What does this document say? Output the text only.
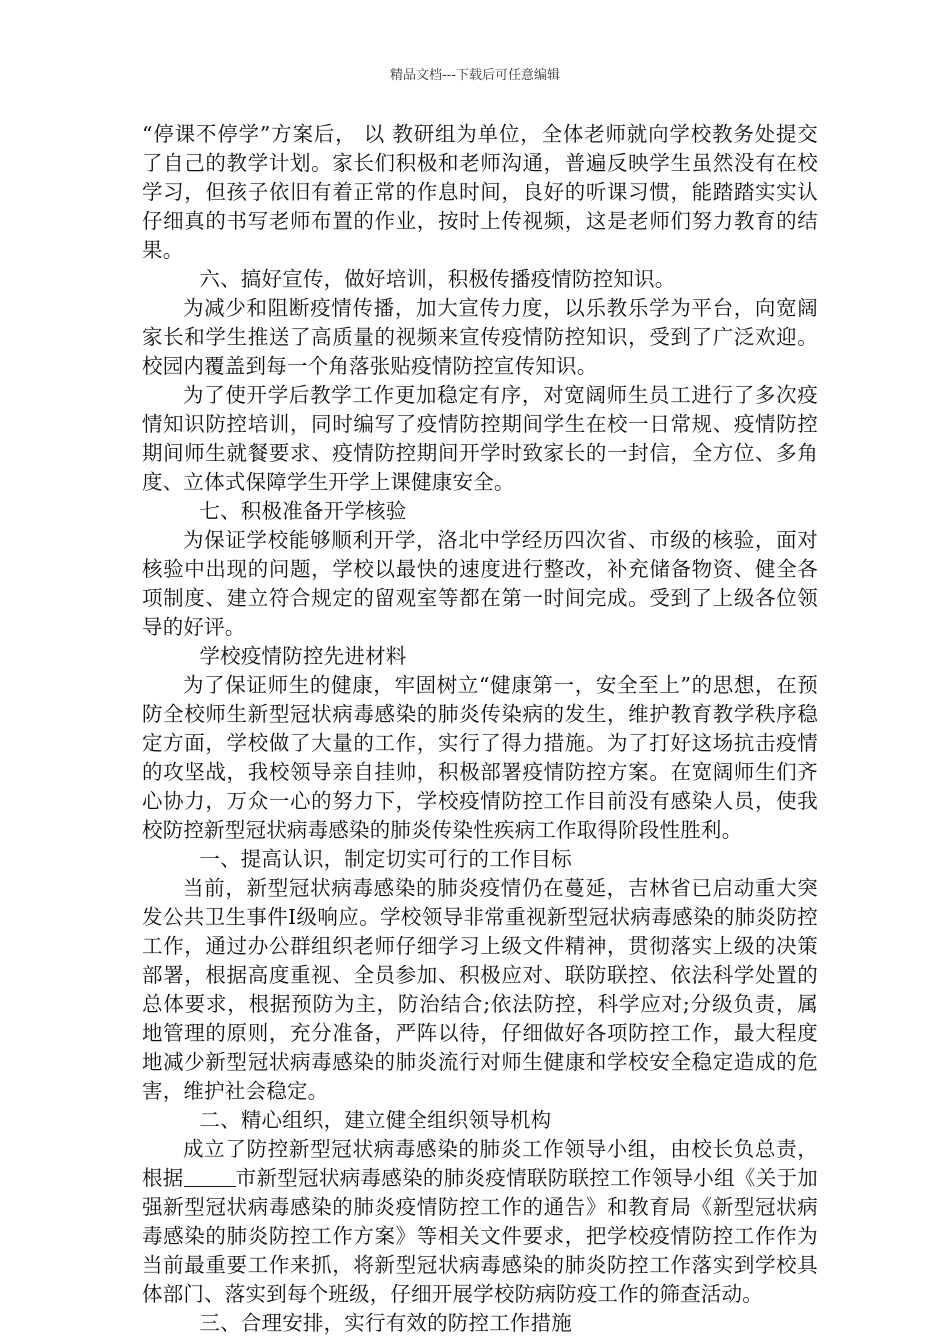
精品文档---下载后可任意编辑

“停课不停学”方案后， 以 教研组为单位，全体老师就向学校教务处提交了自己的教学计划。家长们积极和老师沟通，普遍反映学生虽然没有在校学习，但孩子依旧有着正常的作息时间，良好的听课习惯，能踏踏实实认仔细真的书写老师布置的作业，按时上传视频，这是老师们努力教育的结果。

六、搞好宣传，做好培训，积极传播疫情防控知识。

为减少和阻断疫情传播，加大宣传力度，以乐教乐学为平台，向宽阔家长和学生推送了高质量的视频来宣传疫情防控知识，受到了广泛欢迎。校园内覆盖到每一个角落张贴疫情防控宣传知识。

为了使开学后教学工作更加稳定有序，对宽阔师生员工进行了多次疫情知识防控培训，同时编写了疫情防控期间学生在校一日常规、疫情防控期间师生就餐要求、疫情防控期间开学时致家长的一封信，全方位、多角度、立体式保障学生开学上课健康安全。

七、积极准备开学核验

为保证学校能够顺利开学，洛北中学经历四次省、市级的核验，面对核验中出现的问题，学校以最快的速度进行整改，补充储备物资、健全各项制度、建立符合规定的留观室等都在第一时间完成。受到了上级各位领导的好评。

学校疫情防控先进材料

为了保证师生的健康，牢固树立“健康第一，安全至上”的思想，在预防全校师生新型冠状病毒感染的肺炎传染病的发生，维护教育教学秩序稳定方面，学校做了大量的工作，实行了得力措施。为了打好这场抗击疫情的攻坚战，我校领导亲自挂帅，积极部署疫情防控方案。在宽阔师生们齐心协力，万众一心的努力下，学校疫情防控工作目前没有感染人员，使我校防控新型冠状病毒感染的肺炎传染性疾病工作取得阶段性胜利。

一、提高认识，制定切实可行的工作目标

当前，新型冠状病毒感染的肺炎疫情仍在蔓延，吉林省已启动重大突发公共卫生事件Ⅰ级响应。学校领导非常重视新型冠状病毒感染的肺炎防控工作，通过办公群组织老师仔细学习上级文件精神，贯彻落实上级的决策部署，根据高度重视、全员参加、积极应对、联防联控、依法科学处置的总体要求，根据预防为主，防治结合;依法防控，科学应对;分级负责，属地管理的原则，充分准备，严阵以待，仔细做好各项防控工作，最大程度地减少新型冠状病毒感染的肺炎流行对师生健康和学校安全稳定造成的危害，维护社会稳定。

二、精心组织，建立健全组织领导机构

成立了防控新型冠状病毒感染的肺炎工作领导小组，由校长负总责，根据	市新型冠状病毒感染的肺炎疫情联防联控工作领导小组《关于加强新型冠状病毒感染的肺炎疫情防控工作的通告》和教育局《新型冠状病毒感染的肺炎防控工作方案》等相关文件要求，把学校疫情防控工作作为当前最重要工作来抓，将新型冠状病毒感染的肺炎防控工作落实到学校具体部门、落实到每个班级，仔细开展学校防病防疫工作的筛查活动。

三、合理安排，实行有效的防控工作措施
